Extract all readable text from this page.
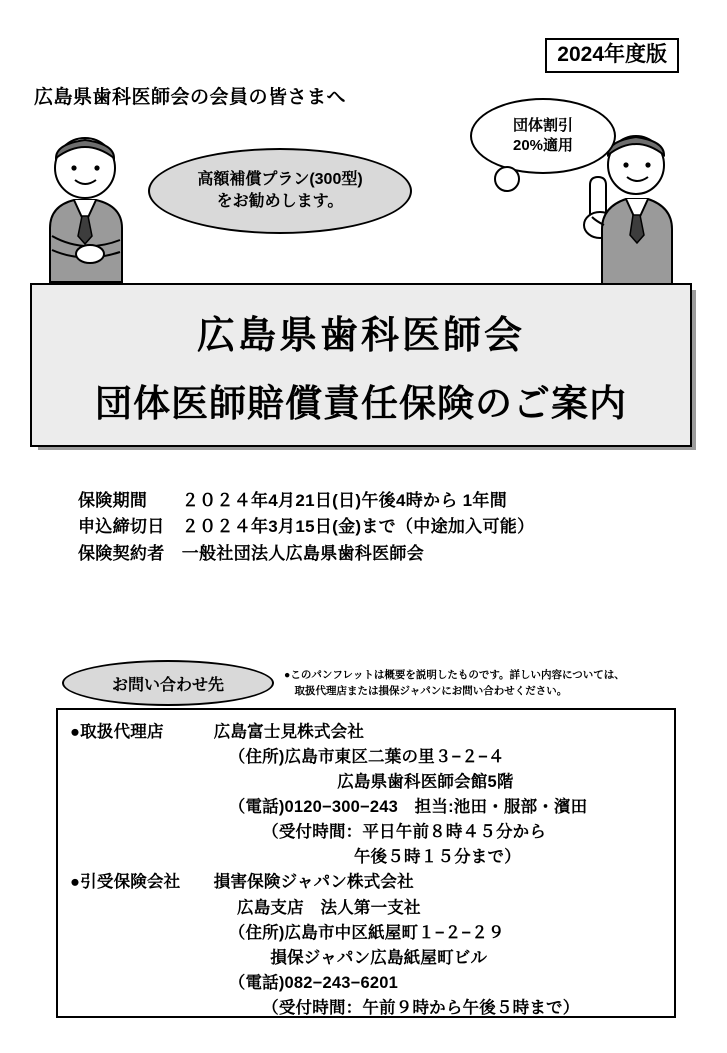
2024年度版
広島県歯科医師会の会員の皆さまへ
高額補償プラン(300型)
をお勧めします。
団体割引
20%適用
広島県歯科医師会
団体医師賠償責任保険のご案内
保険期間　　２０２４年4月21日(日)午後4時から 1年間
申込締切日　２０２４年3月15日(金)まで（中途加入可能）
保険契約者　一般社団法人広島県歯科医師会
お問い合わせ先
●このパンフレットは概要を説明したものです。詳しい内容については、
　取扱代理店または損保ジャパンにお問い合わせください。
●取扱代理店　　　広島富士見株式会社
　　　　　　　　　　（住所)広島市東区二葉の里３−２−４
　　　　　　　　　　　　　　　　広島県歯科医師会館5階
　　　　　　　　　　（電話)0120−300−243　担当:池田・服部・濱田
　　　　　　　　　　　　（受付時間：平日午前８時４５分から
　　　　　　　　　　　　　　　　　午後５時１５分まで）
●引受保険会社　　損害保険ジャパン株式会社
　　　　　　　　　　広島支店　法人第一支社
　　　　　　　　　　（住所)広島市中区紙屋町１−２−２９
　　　　　　　　　　　　損保ジャパン広島紙屋町ビル
　　　　　　　　　　（電話)082−243−6201
　　　　　　　　　　　　（受付時間：午前９時から午後５時まで）
